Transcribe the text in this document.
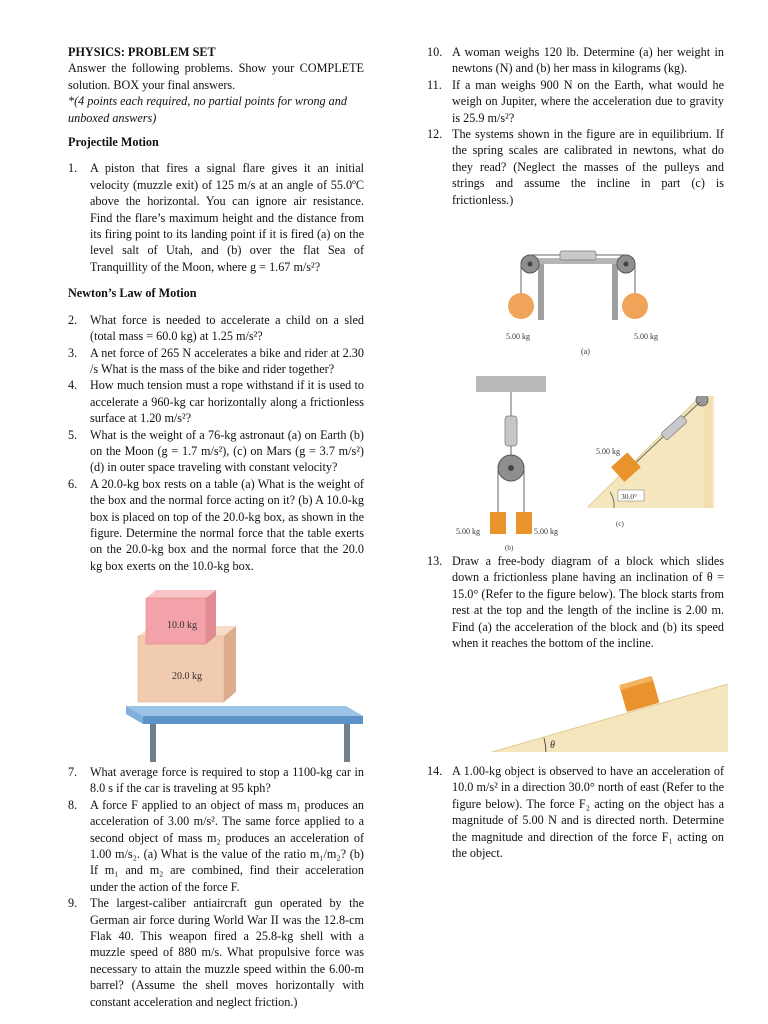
PHYSICS: PROBLEM SET

Answer the following problems. Show your COMPLETE solution. BOX your final answers.

*(4 points each required, no partial points for wrong and unboxed answers)

Projectile Motion

1. A piston that fires a signal flare gives it an initial velocity (muzzle exit) of 125 m/s at an angle of 55.0ºC above the horizontal. You can ignore air resistance. Find the flare’s maximum height and the distance from its firing point to its landing point if it is fired (a) on the level salt of Utah, and (b) over the flat Sea of Tranquillity of the Moon, where g = 1.67 m/s²?

Newton’s Law of Motion

2. What force is needed to accelerate a child on a sled (total mass = 60.0 kg) at 1.25 m/s²?
3. A net force of 265 N accelerates a bike and rider at 2.30 /s What is the mass of the bike and rider together?
4. How much tension must a rope withstand if it is used to accelerate a 960-kg car horizontally along a frictionless surface at 1.20 m/s²?
5. What is the weight of a 76-kg astronaut (a) on Earth (b) on the Moon (g = 1.7 m/s²), (c) on Mars (g = 3.7 m/s²) (d) in outer space traveling with constant velocity?
6. A 20.0-kg box rests on a table (a) What is the weight of the box and the normal force acting on it? (b) A 10.0-kg box is placed on top of the 20.0-kg box, as shown in the figure. Determine the normal force that the table exerts on the 20.0-kg box and the normal force that the 20.0 kg box exerts on the 10.0-kg box.
20.0 kg
10.0 kg
7. What average force is required to stop a 1100-kg car in 8.0 s if the car is traveling at 95 kph?
8. A force F applied to an object of mass m₁ produces an acceleration of 3.00 m/s². The same force applied to a second object of mass m₂ produces an acceleration of 1.00 m/s₂. (a) What is the value of the ratio m₁/m₂? (b) If m₁ and m₂ are combined, find their acceleration under the action of the force F.
9. The largest-caliber antiaircraft gun operated by the German air force during World War II was the 12.8-cm Flak 40. This weapon fired a 25.8-kg shell with a muzzle speed of 880 m/s. What propulsive force was necessary to attain the muzzle speed within the 6.00-m barrel? (Assume the shell moves horizontally with constant acceleration and neglect friction.)
10. A woman weighs 120 lb. Determine (a) her weight in newtons (N) and (b) her mass in kilograms (kg).
11. If a man weighs 900 N on the Earth, what would he weigh on Jupiter, where the acceleration due to gravity is 25.9 m/s²?
12. The systems shown in the figure are in equilibrium. If the spring scales are calibrated in newtons, what do they read? (Neglect the masses of the pulleys and strings and assume the incline in part (c) is frictionless.)
5.00 kg	5.00 kg
(a)
5.00 kg	5.00 kg
(b)
5.00 kg
30.0°
(c)
13. Draw a free-body diagram of a block which slides down a frictionless plane having an inclination of θ = 15.0° (Refer to the figure below). The block starts from rest at the top and the length of the incline is 2.00 m. Find (a) the acceleration of the block and (b) its speed when it reaches the bottom of the incline.
θ
14. A 1.00-kg object is observed to have an acceleration of 10.0 m/s² in a direction 30.0° north of east (Refer to the figure below). The force F₂ acting on the object has a magnitude of 5.00 N and is directed north. Determine the magnitude and direction of the force F₁ acting on the object.
